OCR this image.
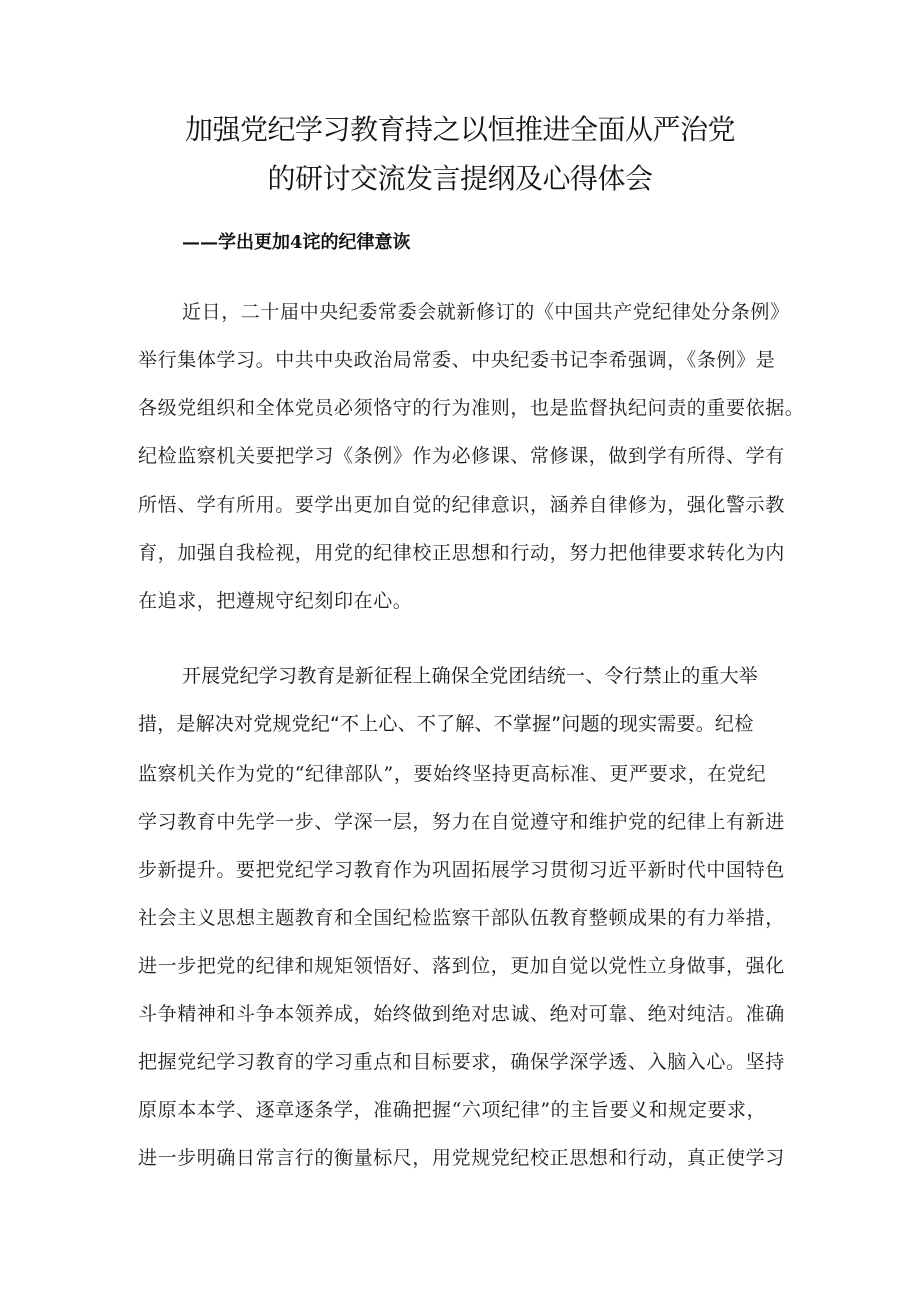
加强党纪学习教育持之以恒推进全面从严治党
的研讨交流发言提纲及心得体会
——学出更加4诧的纪律意诙
近日，二十届中央纪委常委会就新修订的《中国共产党纪律处分条例》
举行集体学习。中共中央政治局常委、中央纪委书记李希强调，《条例》是
各级党组织和全体党员必须恪守的行为准则，也是监督执纪问责的重要依据。
纪检监察机关要把学习《条例》作为必修课、常修课，做到学有所得、学有
所悟、学有所用。要学出更加自觉的纪律意识，涵养自律修为，强化警示教
育，加强自我检视，用党的纪律校正思想和行动，努力把他律要求转化为内
在追求，把遵规守纪刻印在心。
开展党纪学习教育是新征程上确保全党团结统一、令行禁止的重大举
措，是解决对党规党纪“不上心、不了解、不掌握”问题的现实需要。纪检
监察机关作为党的“纪律部队”，要始终坚持更高标准、更严要求，在党纪
学习教育中先学一步、学深一层，努力在自觉遵守和维护党的纪律上有新进
步新提升。要把党纪学习教育作为巩固拓展学习贯彻习近平新时代中国特色
社会主义思想主题教育和全国纪检监察干部队伍教育整顿成果的有力举措，
进一步把党的纪律和规矩领悟好、落到位，更加自觉以党性立身做事，强化
斗争精神和斗争本领养成，始终做到绝对忠诚、绝对可靠、绝对纯洁。准确
把握党纪学习教育的学习重点和目标要求，确保学深学透、入脑入心。坚持
原原本本学、逐章逐条学，准确把握“六项纪律”的主旨要义和规定要求，
进一步明确日常言行的衡量标尺，用党规党纪校正思想和行动，真正使学习
